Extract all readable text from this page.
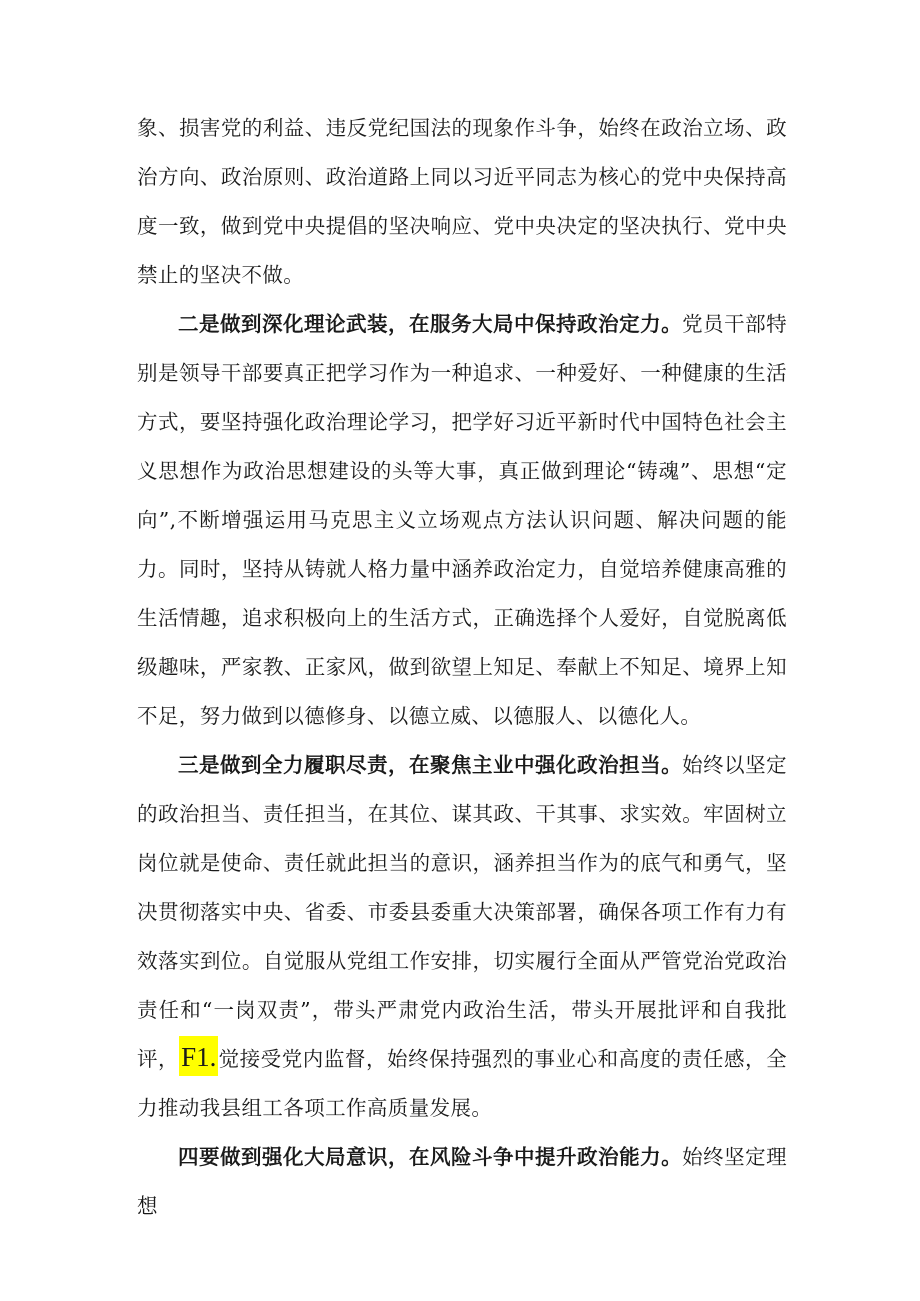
象、损害党的利益、违反党纪国法的现象作斗争，始终在政治立场、政治方向、政治原则、政治道路上同以习近平同志为核心的党中央保持高度一致，做到党中央提倡的坚决响应、党中央决定的坚决执行、党中央禁止的坚决不做。

二是做到深化理论武装，在服务大局中保持政治定力。党员干部特别是领导干部要真正把学习作为一种追求、一种爱好、一种健康的生活方式，要坚持强化政治理论学习，把学好习近平新时代中国特色社会主义思想作为政治思想建设的头等大事，真正做到理论“铸魂”、思想“定向”,不断增强运用马克思主义立场观点方法认识问题、解决问题的能力。同时，坚持从铸就人格力量中涵养政治定力，自觉培养健康高雅的生活情趣，追求积极向上的生活方式，正确选择个人爱好，自觉脱离低级趣味，严家教、正家风，做到欲望上知足、奉献上不知足、境界上知不足，努力做到以德修身、以德立威、以德服人、以德化人。

三是做到全力履职尽责，在聚焦主业中强化政治担当。始终以坚定的政治担当、责任担当，在其位、谋其政、干其事、求实效。牢固树立岗位就是使命、责任就此担当的意识，涵养担当作为的底气和勇气，坚决贯彻落实中央、省委、市委县委重大决策部署，确保各项工作有力有效落实到位。自觉服从党组工作安排，切实履行全面从严管党治党政治责任和“一岗双责”，带头严肃党内政治生活，带头开展批评和自我批评，F1.觉接受党内监督，始终保持强烈的事业心和高度的责任感，全力推动我县组工各项工作高质量发展。

四要做到强化大局意识，在风险斗争中提升政治能力。始终坚定理想
